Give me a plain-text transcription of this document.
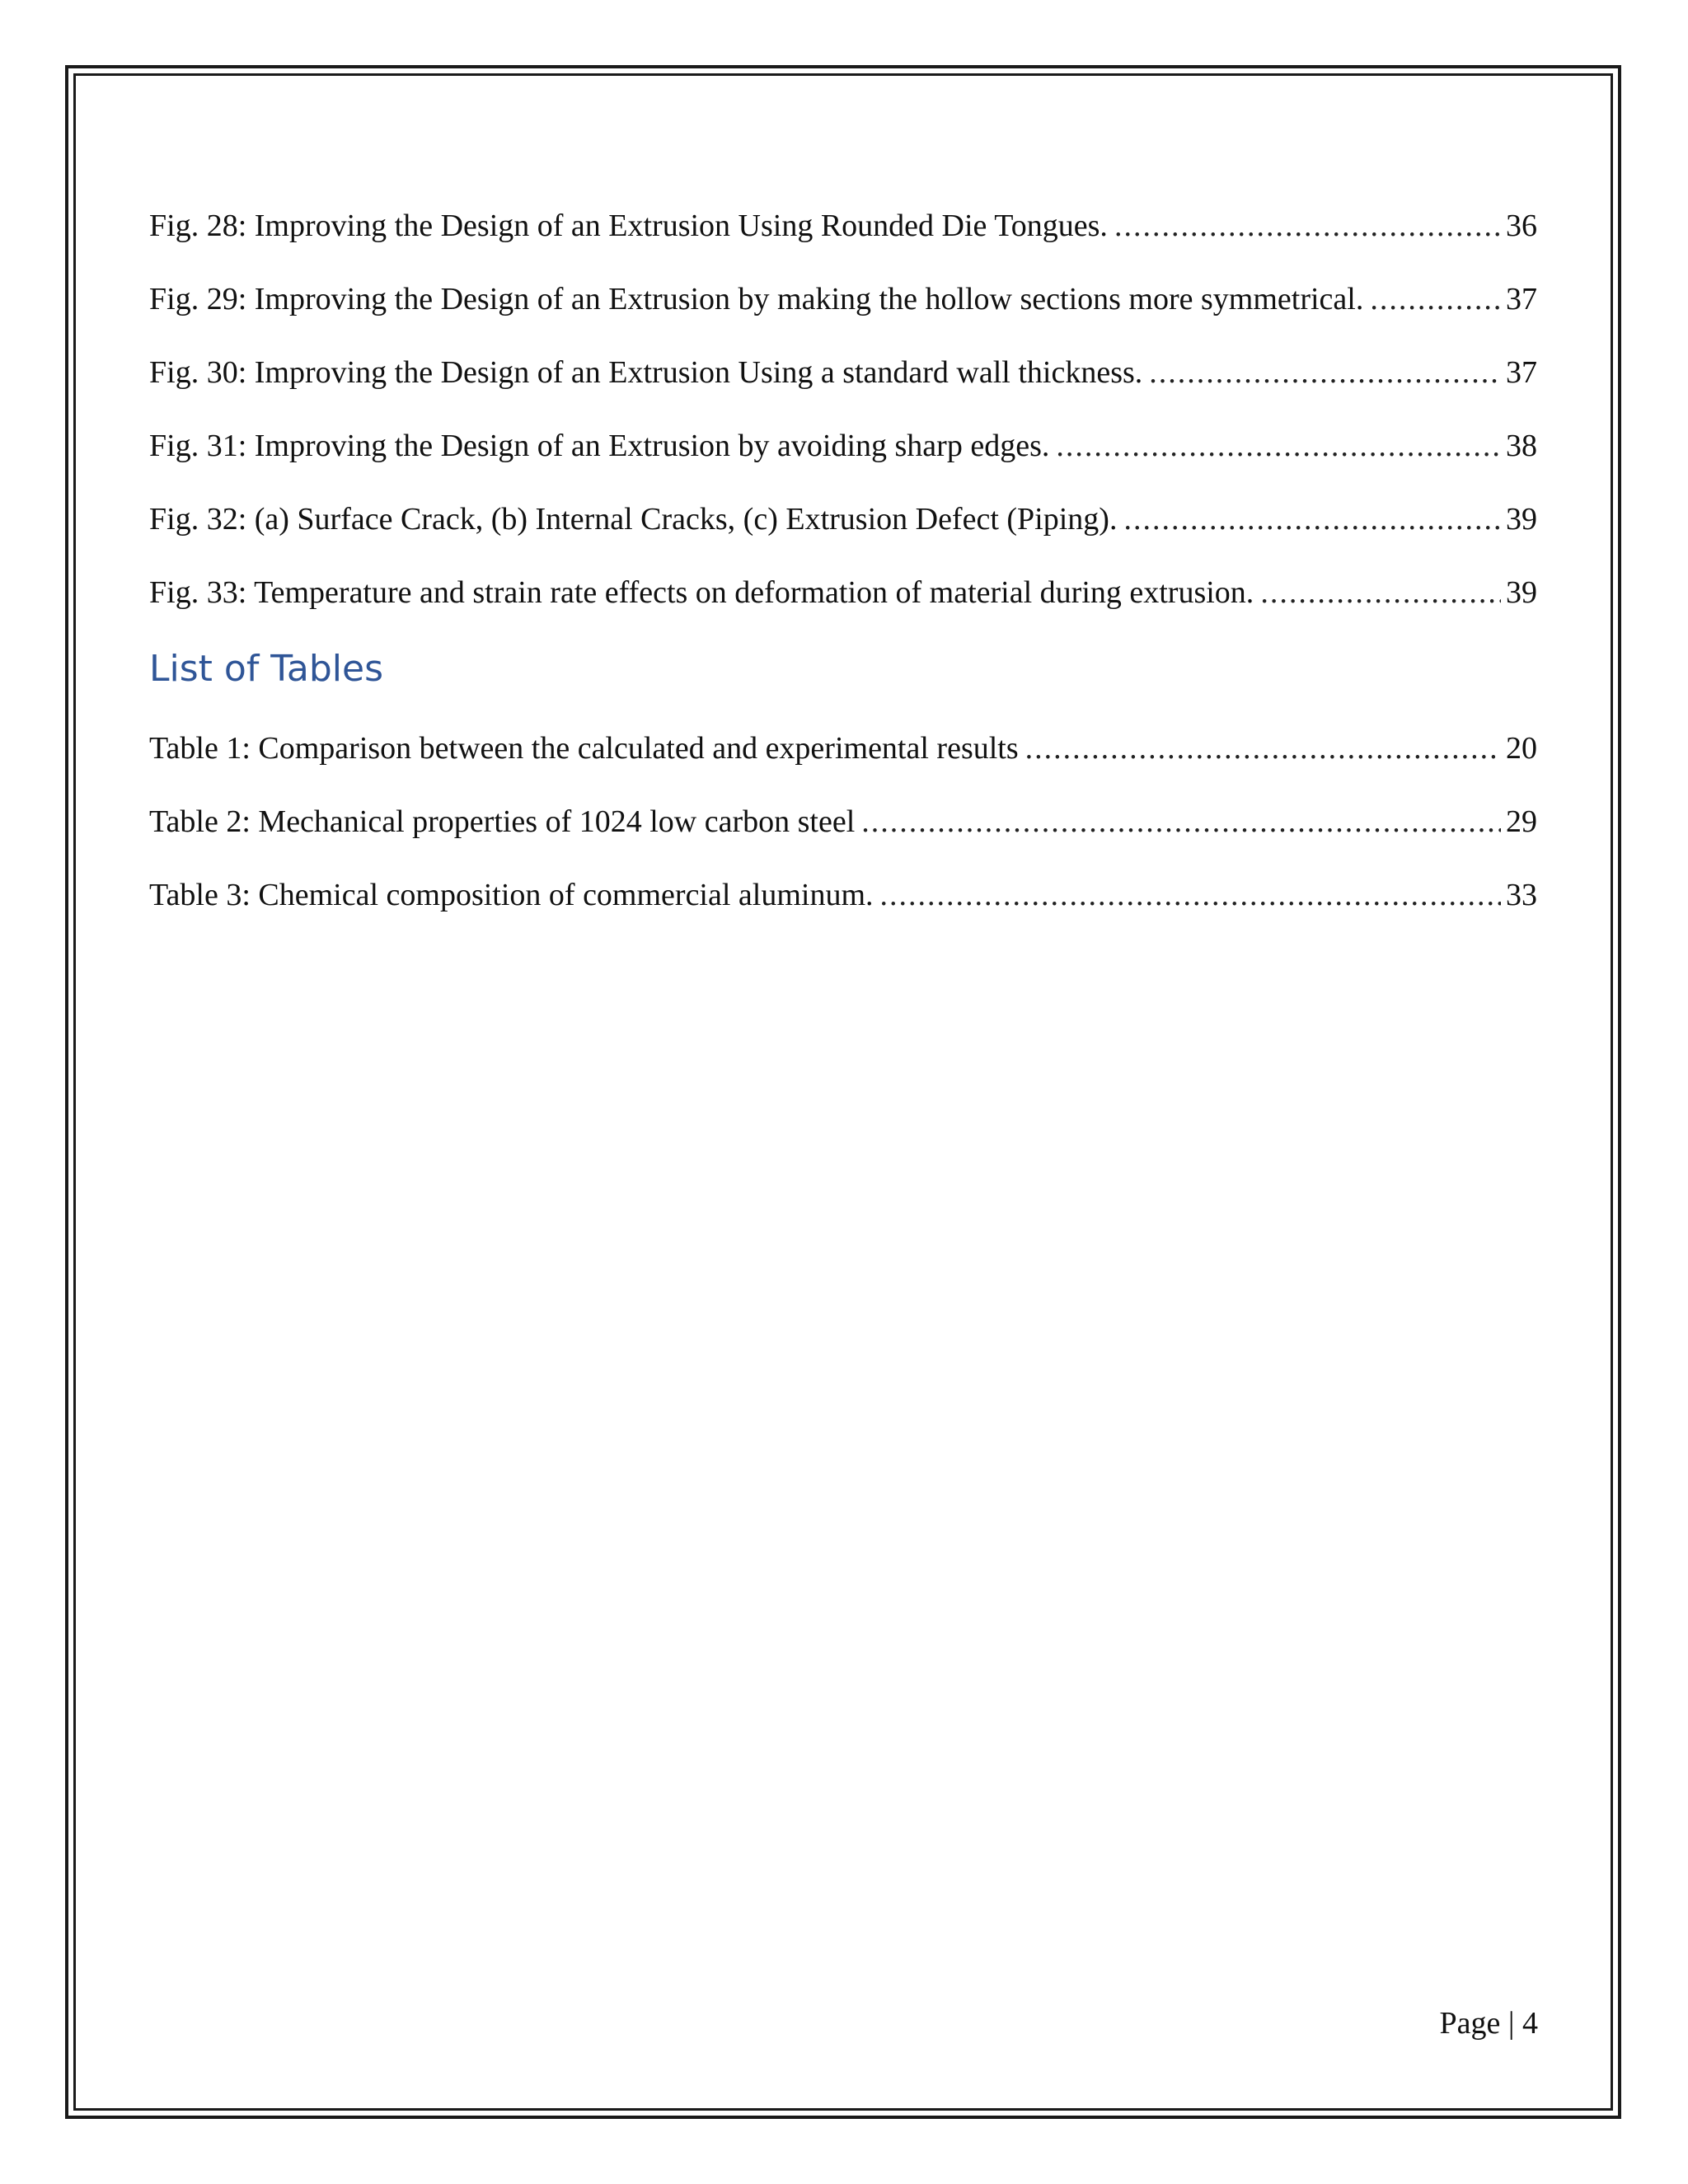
Fig. 28: Improving the Design of an Extrusion Using Rounded Die Tongues. .....	36
Fig. 29: Improving the Design of an Extrusion by making the hollow sections more symmetrical. .....	37
Fig. 30: Improving the Design of an Extrusion Using a standard wall thickness. .....	37
Fig. 31: Improving the Design of an Extrusion by avoiding sharp edges. .....	38
Fig. 32: (a) Surface Crack, (b) Internal Cracks, (c) Extrusion Defect (Piping). .....	39
Fig. 33: Temperature and strain rate effects on deformation of material during extrusion. .....	39
List of Tables
Table 1: Comparison between the calculated and experimental results .....	20
Table 2: Mechanical properties of 1024 low carbon steel .....	29
Table 3: Chemical composition of commercial aluminum. .....	33
Page | 4
